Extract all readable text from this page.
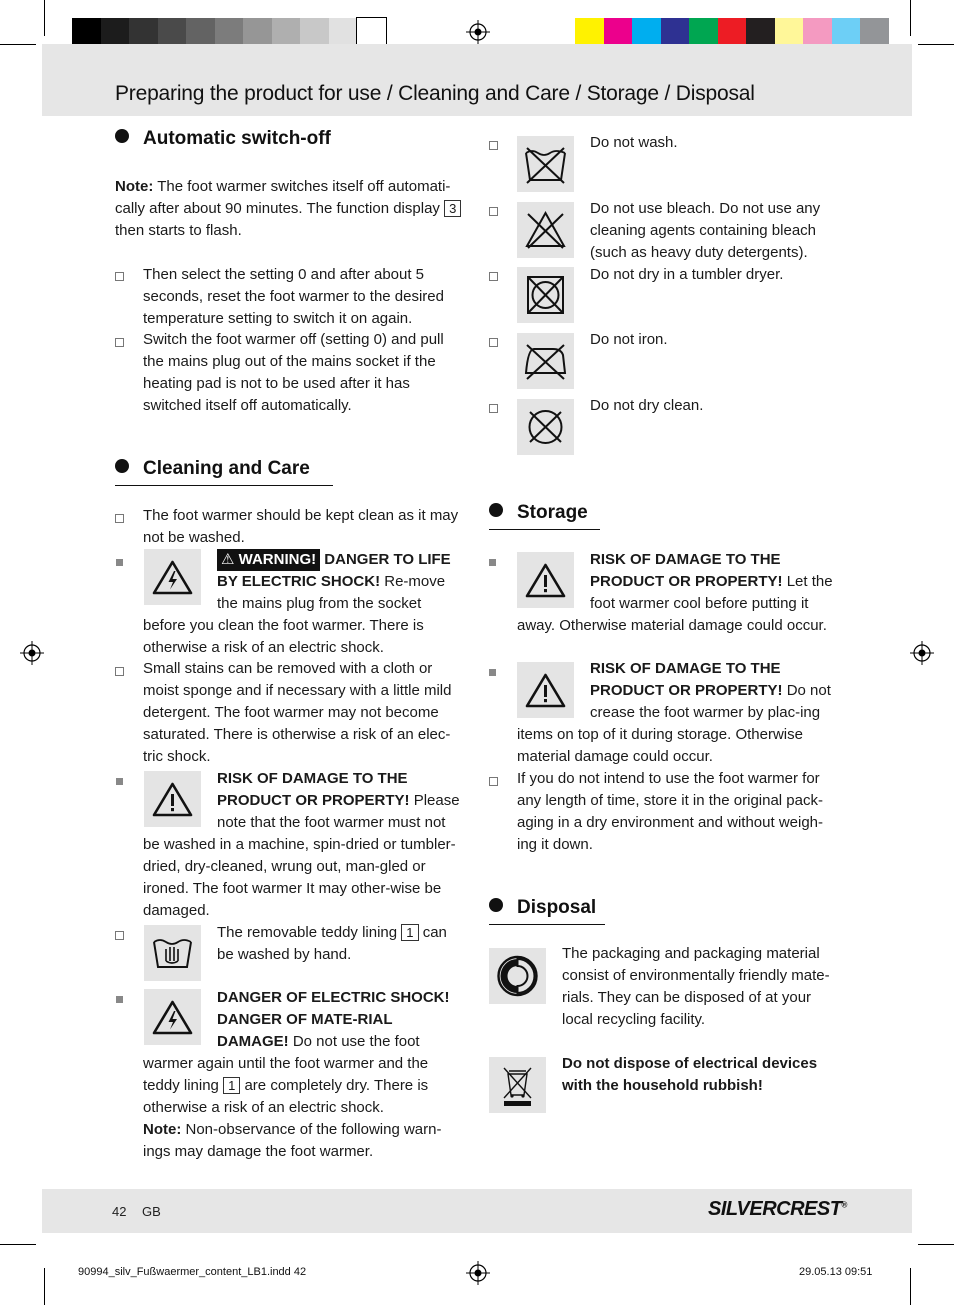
Preparing the product for use / Cleaning and Care / Storage / Disposal
Automatic switch-off
Note: The foot warmer switches itself off automati-cally after about 90 minutes. The function display 3 then starts to flash.
Then select the setting 0 and after about 5 seconds, reset the foot warmer to the desired temperature setting to switch it on again.
Switch the foot warmer off (setting 0) and pull the mains plug out of the mains socket if the heating pad is not to be used after it has switched itself off automatically.
Cleaning and Care
The foot warmer should be kept clean as it may not be washed.
⚠ WARNING! DANGER TO LIFE BY ELECTRIC SHOCK! Re-move the mains plug from the socket before you clean the foot warmer. There is otherwise a risk of an electric shock.
Small stains can be removed with a cloth or moist sponge and if necessary with a little mild detergent. The foot warmer may not become saturated. There is otherwise a risk of an elec-tric shock.
RISK OF DAMAGE TO THE PRODUCT OR PROPERTY! Please note that the foot warmer must not be washed in a machine, spin-dried or tumbler-dried, dry-cleaned, wrung out, man-gled or ironed. The foot warmer It may other-wise be damaged.
The removable teddy lining 1 can be washed by hand.
DANGER OF ELECTRIC SHOCK! DANGER OF MATE-RIAL DAMAGE! Do not use the foot warmer again until the foot warmer and the teddy lining 1 are completely dry. There is otherwise a risk of an electric shock.
Note: Non-observance of the following warn-ings may damage the foot warmer.
Do not wash.
Do not use bleach. Do not use any cleaning agents containing bleach (such as heavy duty detergents).
Do not dry in a tumbler dryer.
Do not iron.
Do not dry clean.
Storage
RISK OF DAMAGE TO THE PRODUCT OR PROPERTY! Let the foot warmer cool before putting it away. Otherwise material damage could occur.
RISK OF DAMAGE TO THE PRODUCT OR PROPERTY! Do not crease the foot warmer by plac-ing items on top of it during storage. Otherwise material damage could occur.
If you do not intend to use the foot warmer for any length of time, store it in the original pack-aging in a dry environment and without weigh-ing it down.
Disposal
The packaging and packaging material consist of environmentally friendly mate-rials. They can be disposed of at your local recycling facility.
Do not dispose of electrical devices with the household rubbish!
42 GB	SILVERCREST®
90994_silv_Fußwaermer_content_LB1.indd 42	29.05.13 09:51
